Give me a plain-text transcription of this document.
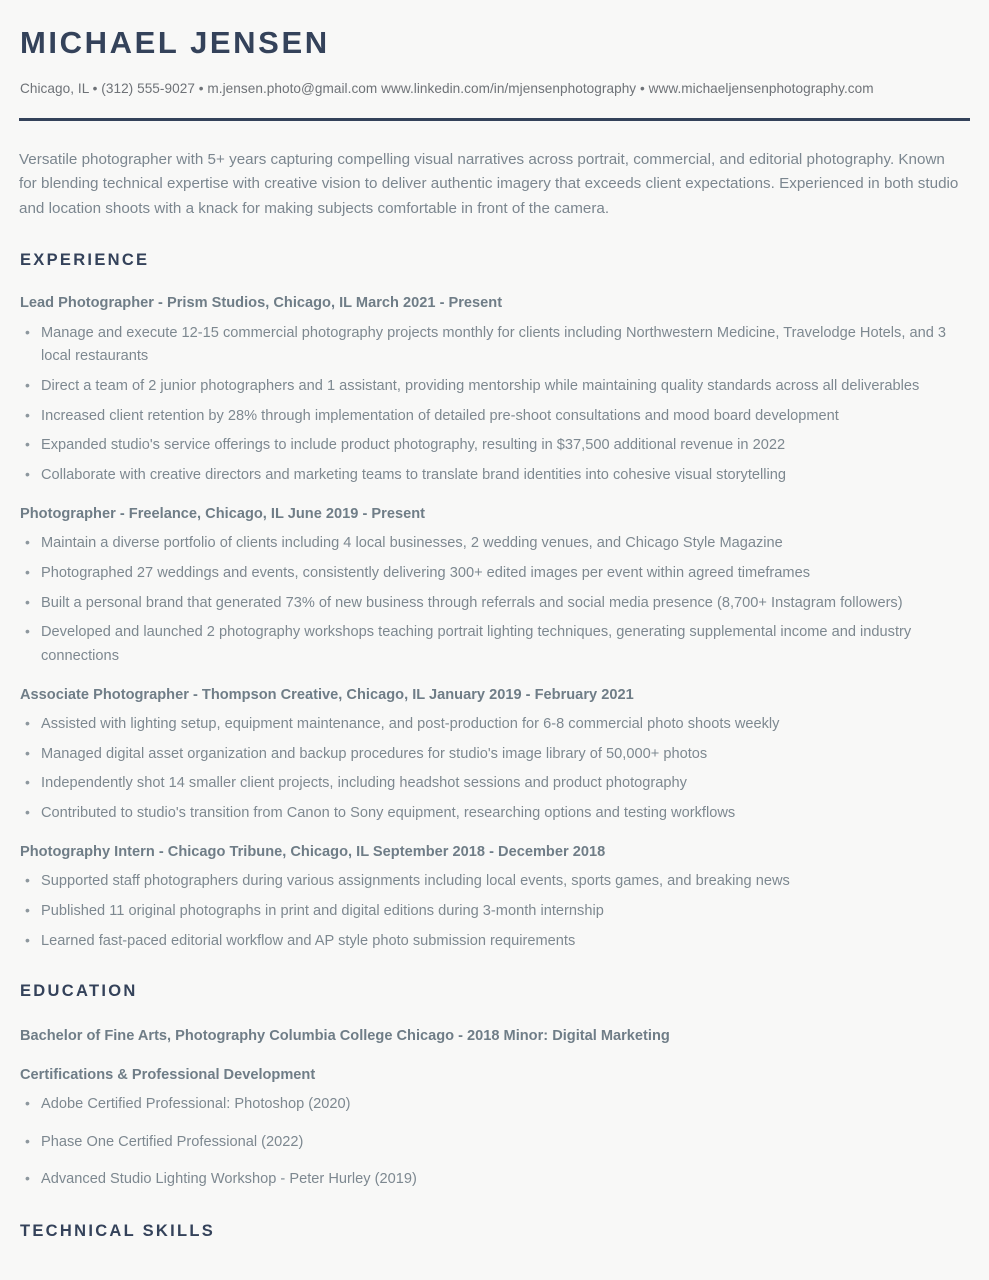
MICHAEL JENSEN
Chicago, IL • (312) 555-9027 • m.jensen.photo@gmail.com www.linkedin.com/in/mjensenphotography • www.michaeljensenphotography.com

Versatile photographer with 5+ years capturing compelling visual narratives across portrait, commercial, and editorial photography. Known for blending technical expertise with creative vision to deliver authentic imagery that exceeds client expectations. Experienced in both studio and location shoots with a knack for making subjects comfortable in front of the camera.

EXPERIENCE
Lead Photographer - Prism Studios, Chicago, IL March 2021 - Present
• Manage and execute 12-15 commercial photography projects monthly for clients including Northwestern Medicine, Travelodge Hotels, and 3 local restaurants
• Direct a team of 2 junior photographers and 1 assistant, providing mentorship while maintaining quality standards across all deliverables
• Increased client retention by 28% through implementation of detailed pre-shoot consultations and mood board development
• Expanded studio's service offerings to include product photography, resulting in $37,500 additional revenue in 2022
• Collaborate with creative directors and marketing teams to translate brand identities into cohesive visual storytelling
Photographer - Freelance, Chicago, IL June 2019 - Present
• Maintain a diverse portfolio of clients including 4 local businesses, 2 wedding venues, and Chicago Style Magazine
• Photographed 27 weddings and events, consistently delivering 300+ edited images per event within agreed timeframes
• Built a personal brand that generated 73% of new business through referrals and social media presence (8,700+ Instagram followers)
• Developed and launched 2 photography workshops teaching portrait lighting techniques, generating supplemental income and industry connections
Associate Photographer - Thompson Creative, Chicago, IL January 2019 - February 2021
• Assisted with lighting setup, equipment maintenance, and post-production for 6-8 commercial photo shoots weekly
• Managed digital asset organization and backup procedures for studio's image library of 50,000+ photos
• Independently shot 14 smaller client projects, including headshot sessions and product photography
• Contributed to studio's transition from Canon to Sony equipment, researching options and testing workflows
Photography Intern - Chicago Tribune, Chicago, IL September 2018 - December 2018
• Supported staff photographers during various assignments including local events, sports games, and breaking news
• Published 11 original photographs in print and digital editions during 3-month internship
• Learned fast-paced editorial workflow and AP style photo submission requirements
EDUCATION
Bachelor of Fine Arts, Photography Columbia College Chicago - 2018 Minor: Digital Marketing
Certifications & Professional Development
• Adobe Certified Professional: Photoshop (2020)
• Phase One Certified Professional (2022)
• Advanced Studio Lighting Workshop - Peter Hurley (2019)
TECHNICAL SKILLS
